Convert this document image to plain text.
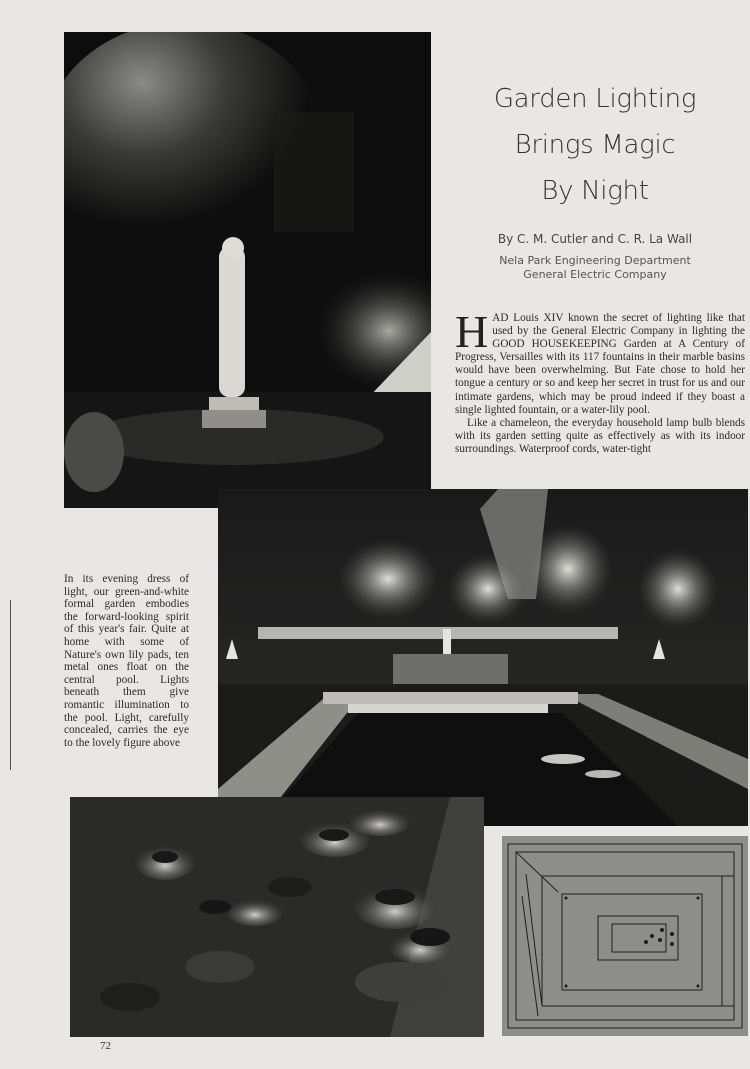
Garden Lighting
Brings Magic
By Night
By C. M. Cutler and C. R. La Wall
Nela Park Engineering Department
General Electric Company

HAD Louis XIV known the secret of lighting like that used by the General Electric Company in lighting the GOOD HOUSEKEEPING Garden at A Century of Progress, Versailles with its 117 fountains in their marble basins would have been overwhelming. But Fate chose to hold her tongue a century or so and keep her secret in trust for us and our intimate gardens, which may be proud indeed if they boast a single lighted fountain, or a water-lily pool.

Like a chameleon, the everyday household lamp bulb blends with its garden setting quite as effectively as with its indoor surroundings. Waterproof cords, water-tight

In its evening dress of light, our green-and-white formal garden embodies the forward-looking spirit of this year's fair. Quite at home with some of Nature's own lily pads, ten metal ones float on the central pool. Lights beneath them give romantic illumination to the pool. Light, carefully concealed, carries the eye to the lovely figure above
72
